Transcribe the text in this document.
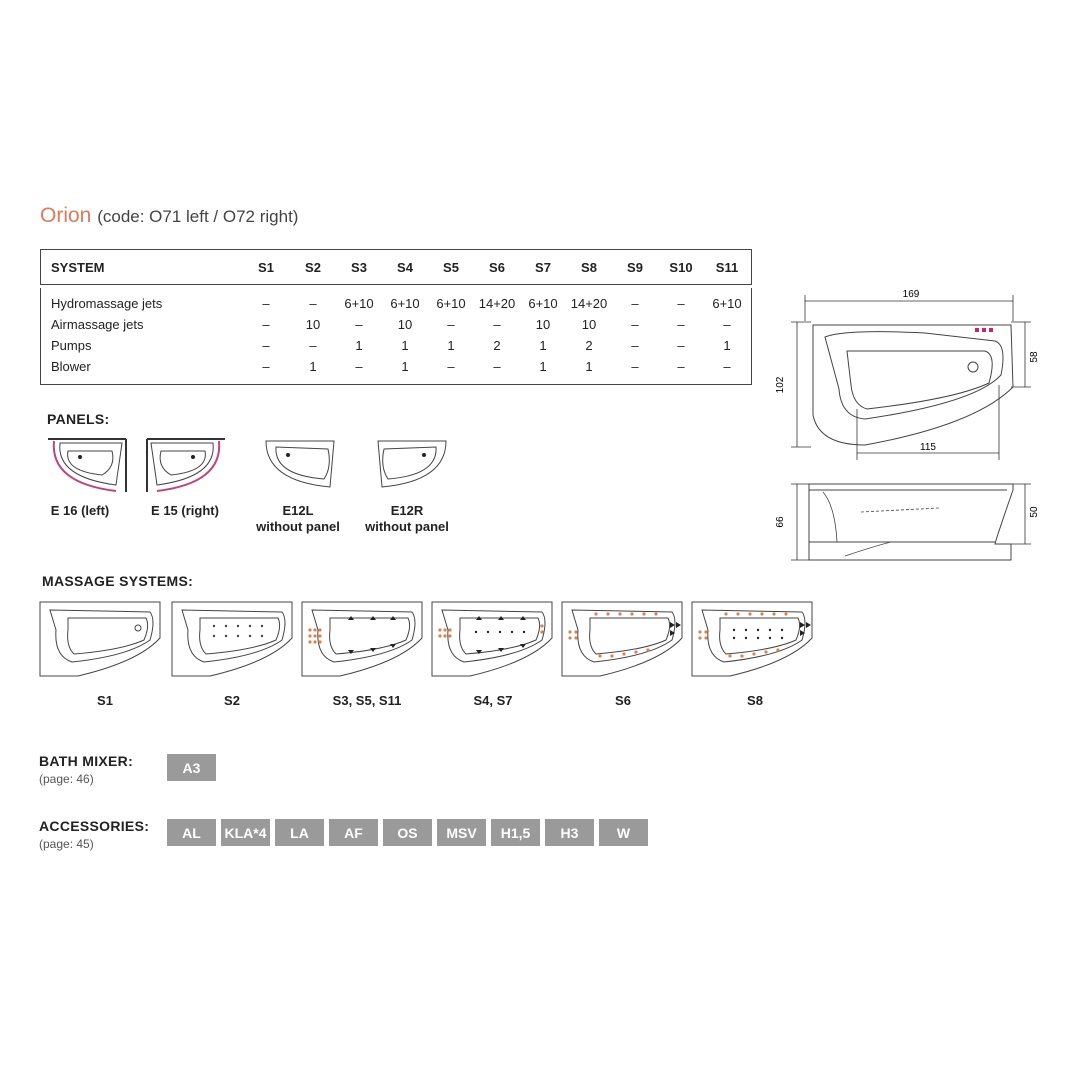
Orion (code: O71 left / O72 right)
SYSTEM	S1 S2 S3 S4 S5 S6 S7 S8 S9 S10 S11
Hydromassage jets	–	– 6+10 6+10 6+10 14+20 6+10 14+20 –	– 6+10
Airmassage jets	–	10	–	10	–	–	10 10	–	–	–
Pumps	–	–	1	1	1	2	1	2	–	–	1
Blower	–	1	–	1	–	–	1	1	–	–	–
169
102
58
115
66
50
PANELS:
E 16 (left)	E 15 (right)	E12L
without panel
E12R
without panel
MASSAGE SYSTEMS:
S1	S2	S3, S5, S11	S4, S7	S6	S8
BATH MIXER:
(page: 46)
A3
ACCESSORIES:
(page: 45)
AL	KLA*4	LA	AF	OS	MSV	H1,5	H3	W
